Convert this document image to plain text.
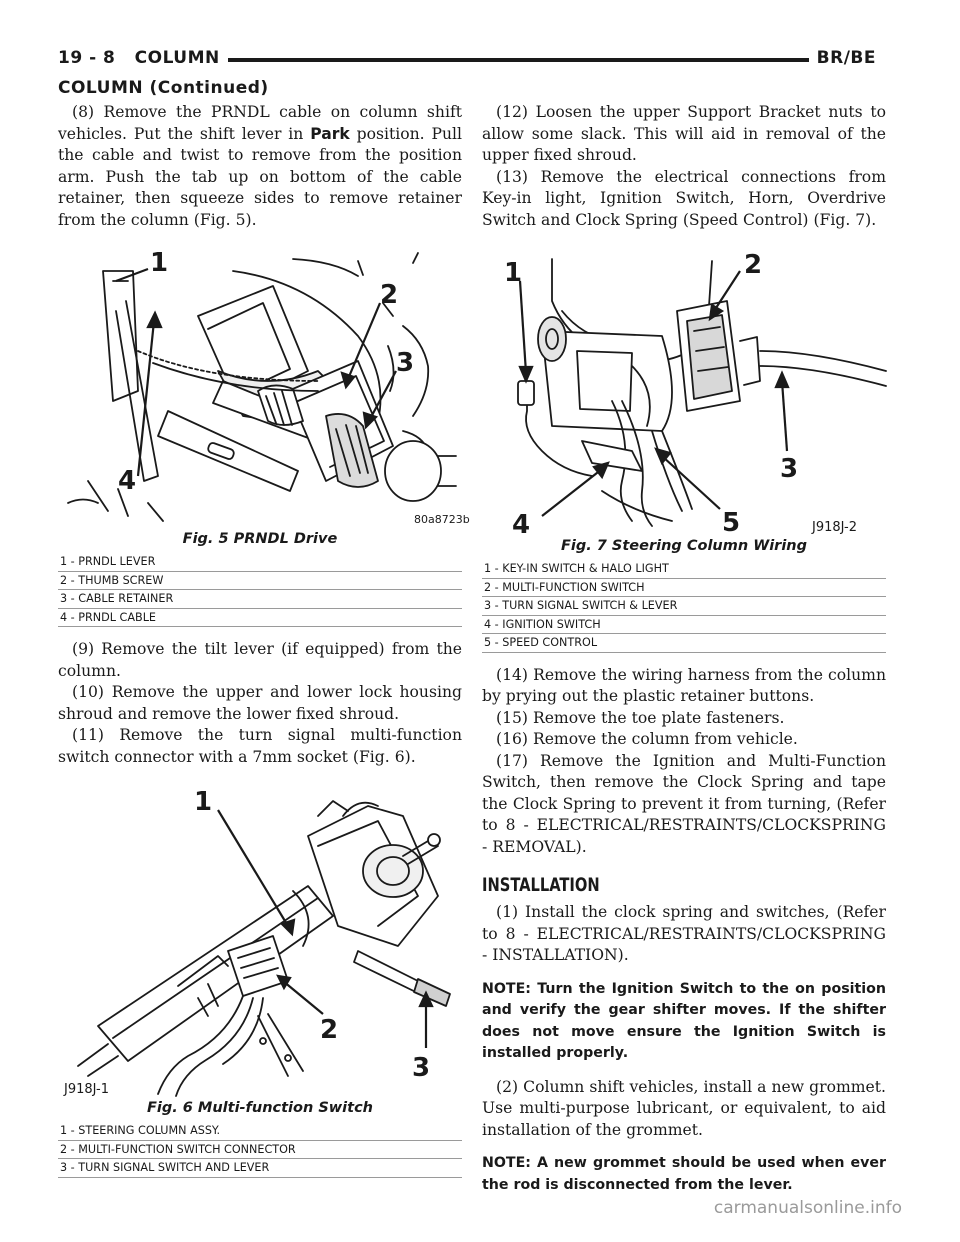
19 - 8 COLUMN	BR/BE
COLUMN (Continued)

(8) Remove the PRNDL cable on column shift vehicles. Put the shift lever in Park position. Pull the cable and twist to remove from the position arm. Push the tab up on bottom of the cable retainer, then squeeze sides to remove retainer from the column (Fig. 5).

1
2
3
4
80a8723b
Fig. 5 PRNDL Drive
1 - PRNDL LEVER
2 - THUMB SCREW
3 - CABLE RETAINER
4 - PRNDL CABLE

(9) Remove the tilt lever (if equipped) from the column.

(10) Remove the upper and lower lock housing shroud and remove the lower fixed shroud.

(11) Remove the turn signal multi-function switch connector with a 7mm socket (Fig. 6).

1
2
3
J918J-1
Fig. 6 Multi-function Switch
1 - STEERING COLUMN ASSY.
2 - MULTI-FUNCTION SWITCH CONNECTOR
3 - TURN SIGNAL SWITCH AND LEVER

(12) Loosen the upper Support Bracket nuts to allow some slack. This will aid in removal of the upper fixed shroud.

(13) Remove the electrical connections from Key-in light, Ignition Switch, Horn, Overdrive Switch and Clock Spring (Speed Control) (Fig. 7).

1	2
3
4	5	J918J-2
Fig. 7 Steering Column Wiring
1 - KEY-IN SWITCH & HALO LIGHT
2 - MULTI-FUNCTION SWITCH
3 - TURN SIGNAL SWITCH & LEVER
4 - IGNITION SWITCH
5 - SPEED CONTROL

(14) Remove the wiring harness from the column by prying out the plastic retainer buttons.

(15) Remove the toe plate fasteners.

(16) Remove the column from vehicle.

(17) Remove the Ignition and Multi-Function Switch, then remove the Clock Spring and tape the Clock Spring to prevent it from turning, (Refer to 8 - ELECTRICAL/RESTRAINTS/CLOCKSPRING - REMOVAL).

INSTALLATION

(1) Install the clock spring and switches, (Refer to 8 - ELECTRICAL/RESTRAINTS/CLOCKSPRING - INSTALLATION).

NOTE: Turn the Ignition Switch to the on position and verify the gear shifter moves. If the shifter does not move ensure the Ignition Switch is installed properly.

(2) Column shift vehicles, install a new grommet. Use multi-purpose lubricant, or equivalent, to aid installation of the grommet.

NOTE: A new grommet should be used when ever the rod is disconnected from the lever.

carmanualsonline.info
